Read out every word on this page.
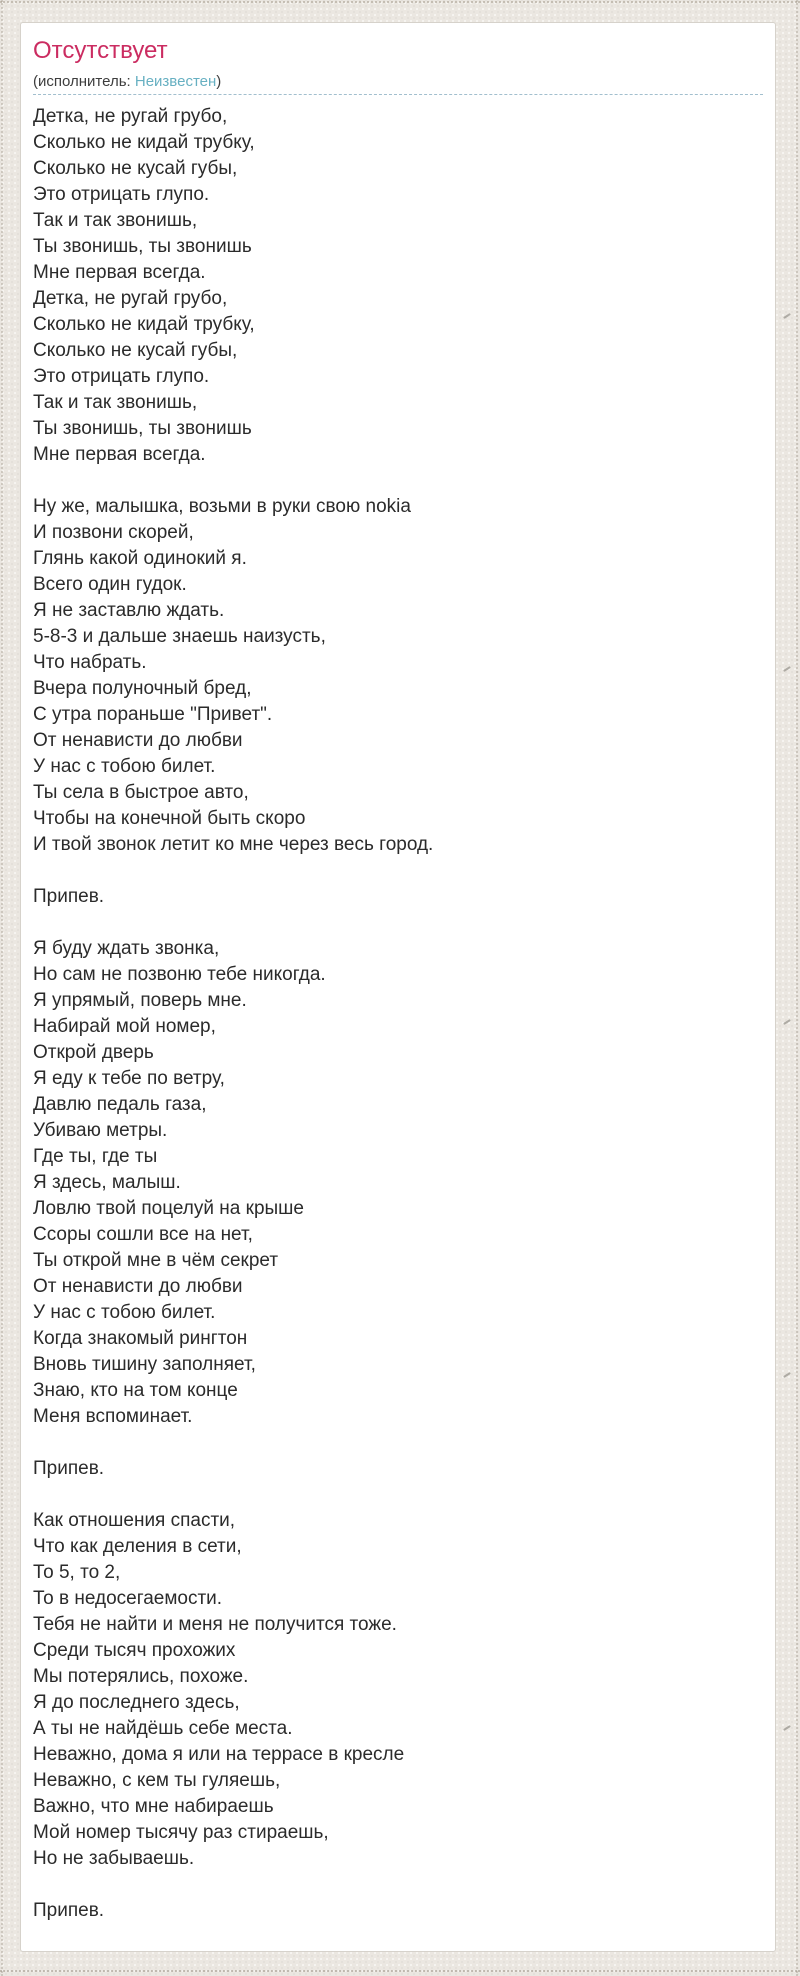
Отсутствует
(исполнитель: Неизвестен)
Детка, не ругай грубо,
Сколько не кидай трубку,
Сколько не кусай губы,
Это отрицать глупо.
Так и так звонишь,
Ты звонишь, ты звонишь
Мне первая всегда.
Детка, не ругай грубо,
Сколько не кидай трубку,
Сколько не кусай губы,
Это отрицать глупо.
Так и так звонишь,
Ты звонишь, ты звонишь
Мне первая всегда.
Ну же, малышка, возьми в руки свою nokia
И позвони скорей,
Глянь какой одинокий я.
Всего один гудок.
Я не заставлю ждать.
5-8-3 и дальше знаешь наизусть,
Что набрать.
Вчера полуночный бред,
С утра пораньше "Привет".
От ненависти до любви
У нас с тобою билет.
Ты села в быстрое авто,
Чтобы на конечной быть скоро
И твой звонок летит ко мне через весь город.
Припев.
Я буду ждать звонка,
Но сам не позвоню тебе никогда.
Я упрямый, поверь мне.
Набирай мой номер,
Открой дверь
Я еду к тебе по ветру,
Давлю педаль газа,
Убиваю метры.
Где ты, где ты
Я здесь, малыш.
Ловлю твой поцелуй на крыше
Ссоры сошли все на нет,
Ты открой мне в чём секрет
От ненависти до любви
У нас с тобою билет.
Когда знакомый рингтон
Вновь тишину заполняет,
Знаю, кто на том конце
Меня вспоминает.
Припев.
Как отношения спасти,
Что как деления в сети,
То 5, то 2,
То в недосегаемости.
Тебя не найти и меня не получится тоже.
Среди тысяч прохожих
Мы потерялись, похоже.
Я до последнего здесь,
А ты не найдёшь себе места.
Неважно, дома я или на террасе в кресле
Неважно, с кем ты гуляешь,
Важно, что мне набираешь
Мой номер тысячу раз стираешь,
Но не забываешь.
Припев.
